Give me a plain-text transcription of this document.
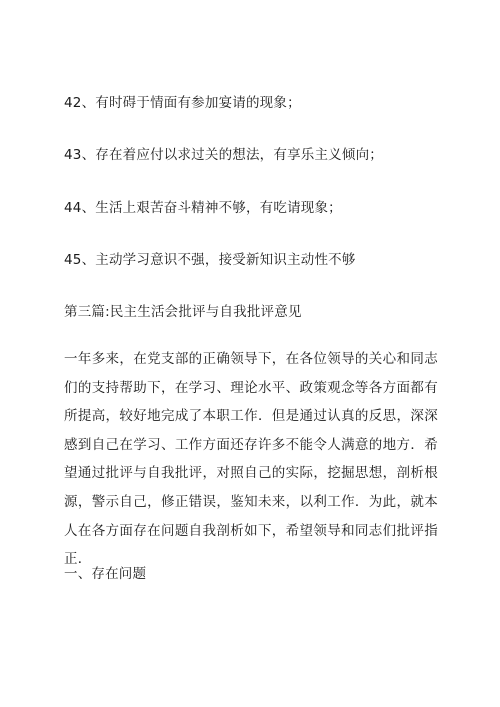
42、有时碍于情面有参加宴请的现象；
43、存在着应付以求过关的想法，有享乐主义倾向；
44、生活上艰苦奋斗精神不够，有吃请现象；
45、主动学习意识不强，接受新知识主动性不够
第三篇:民主生活会批评与自我批评意见
一年多来，在党支部的正确领导下，在各位领导的关心和同志们的支持帮助下，在学习、理论水平、政策观念等各方面都有所提高，较好地完成了本职工作．但是通过认真的反思，深深感到自己在学习、工作方面还存许多不能令人满意的地方．希望通过批评与自我批评，对照自己的实际，挖掘思想，剖析根源，警示自己，修正错误，鉴知未来，以利工作．为此，就本人在各方面存在问题自我剖析如下，希望领导和同志们批评指正．
一、存在问题
